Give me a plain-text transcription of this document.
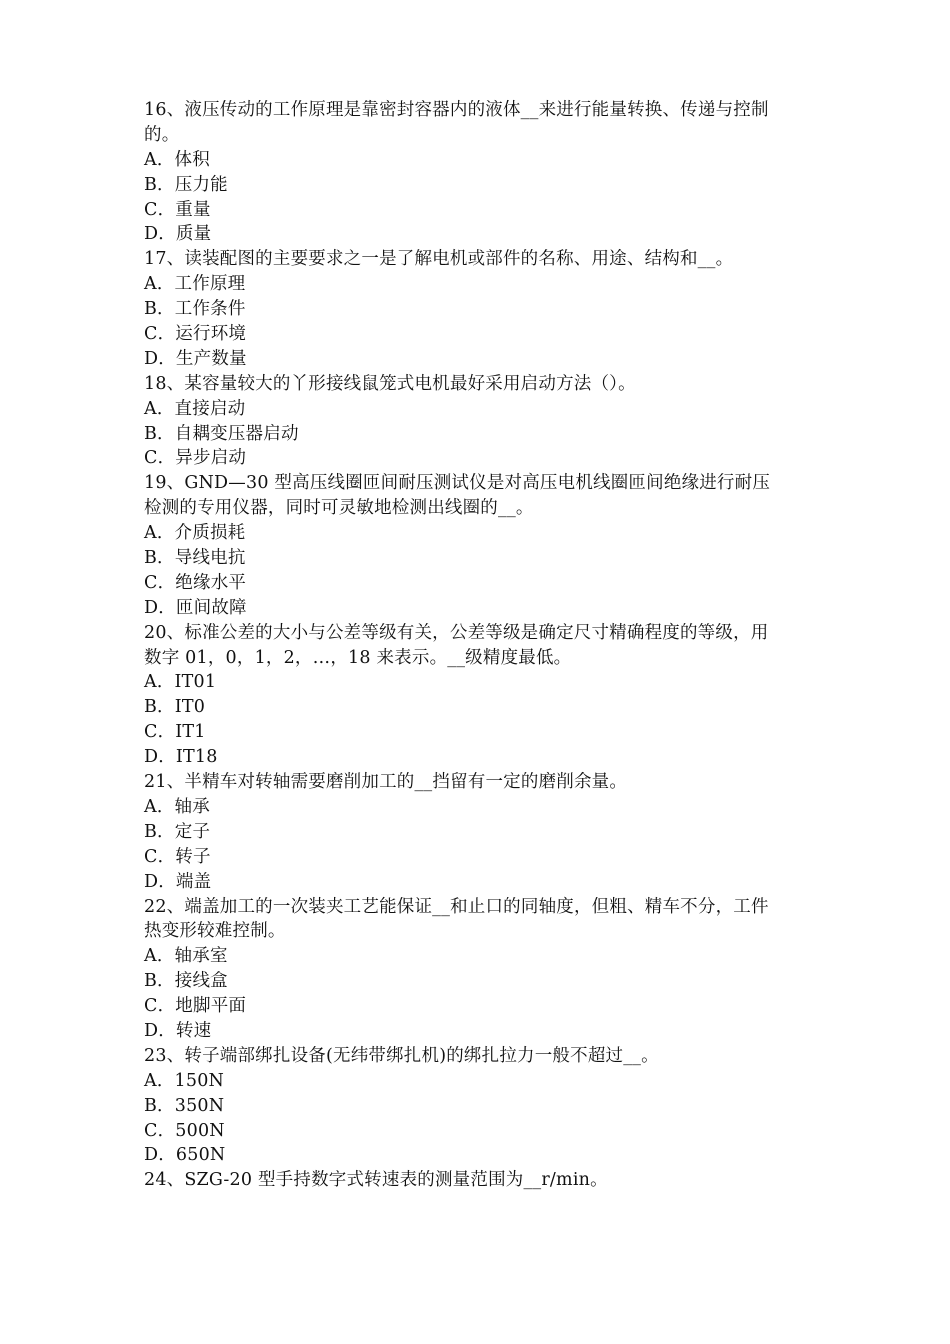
16、液压传动的工作原理是靠密封容器内的液体__来进行能量转换、传递与控制
的。
A．体积
B．压力能
C．重量
D．质量
17、读装配图的主要要求之一是了解电机或部件的名称、用途、结构和__。
A．工作原理
B．工作条件
C．运行环境
D．生产数量
18、某容量较大的丫形接线鼠笼式电机最好采用启动方法（）。
A．直接启动
B．自耦变压器启动
C．异步启动
19、GND—30 型高压线圈匝间耐压测试仪是对高压电机线圈匝间绝缘进行耐压
检测的专用仪器，同时可灵敏地检测出线圈的__。
A．介质损耗
B．导线电抗
C．绝缘水平
D．匝间故障
20、标准公差的大小与公差等级有关，公差等级是确定尺寸精确程度的等级，用
数字 01，0，1，2，…，18 来表示。__级精度最低。
A．IT01
B．IT0
C．IT1
D．IT18
21、半精车对转轴需要磨削加工的__挡留有一定的磨削余量。
A．轴承
B．定子
C．转子
D．端盖
22、端盖加工的一次装夹工艺能保证__和止口的同轴度，但粗、精车不分，工件
热变形较难控制。
A．轴承室
B．接线盒
C．地脚平面
D．转速
23、转子端部绑扎设备(无纬带绑扎机)的绑扎拉力一般不超过__。
A．150N
B．350N
C．500N
D．650N
24、SZG-20 型手持数字式转速表的测量范围为__r/min。
